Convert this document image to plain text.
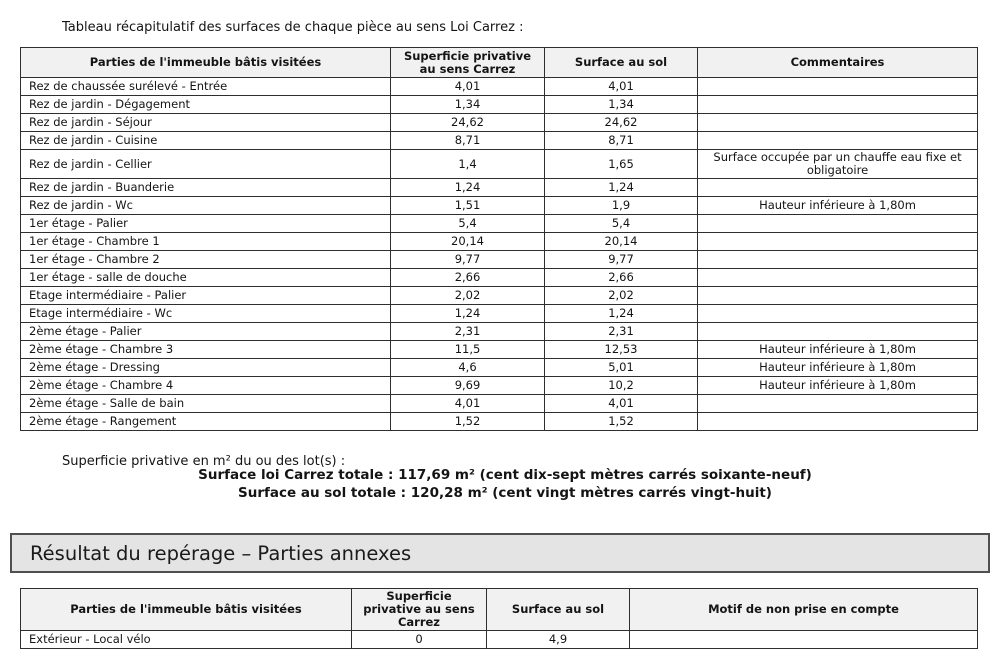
Tableau récapitulatif des surfaces de chaque pièce au sens Loi Carrez :

Parties de l'immeuble bâtis visitées	Superficie privative au sens Carrez	Surface au sol	Commentaires
Rez de chaussée surélevé - Entrée	4,01	4,01	
Rez de jardin - Dégagement	1,34	1,34	
Rez de jardin - Séjour	24,62	24,62	
Rez de jardin - Cuisine	8,71	8,71	
Rez de jardin - Cellier	1,4	1,65	Surface occupée par un chauffe eau fixe et obligatoire
Rez de jardin - Buanderie	1,24	1,24	
Rez de jardin - Wc	1,51	1,9	Hauteur inférieure à 1,80m
1er étage - Palier	5,4	5,4	
1er étage - Chambre 1	20,14	20,14	
1er étage - Chambre 2	9,77	9,77	
1er étage - salle de douche	2,66	2,66	
Etage intermédiaire - Palier	2,02	2,02	
Etage intermédiaire - Wc	1,24	1,24	
2ème étage - Palier	2,31	2,31	
2ème étage - Chambre 3	11,5	12,53	Hauteur inférieure à 1,80m
2ème étage - Dressing	4,6	5,01	Hauteur inférieure à 1,80m
2ème étage - Chambre 4	9,69	10,2	Hauteur inférieure à 1,80m
2ème étage - Salle de bain	4,01	4,01	
2ème étage - Rangement	1,52	1,52	

Superficie privative en m² du ou des lot(s) :

Surface loi Carrez totale : 117,69 m² (cent dix-sept mètres carrés soixante-neuf)
Surface au sol totale : 120,28 m² (cent vingt mètres carrés vingt-huit)
Résultat du repérage – Parties annexes
Parties de l'immeuble bâtis visitées	Superficie privative au sens Carrez	Surface au sol	Motif de non prise en compte
Extérieur - Local vélo	0	4,9	
